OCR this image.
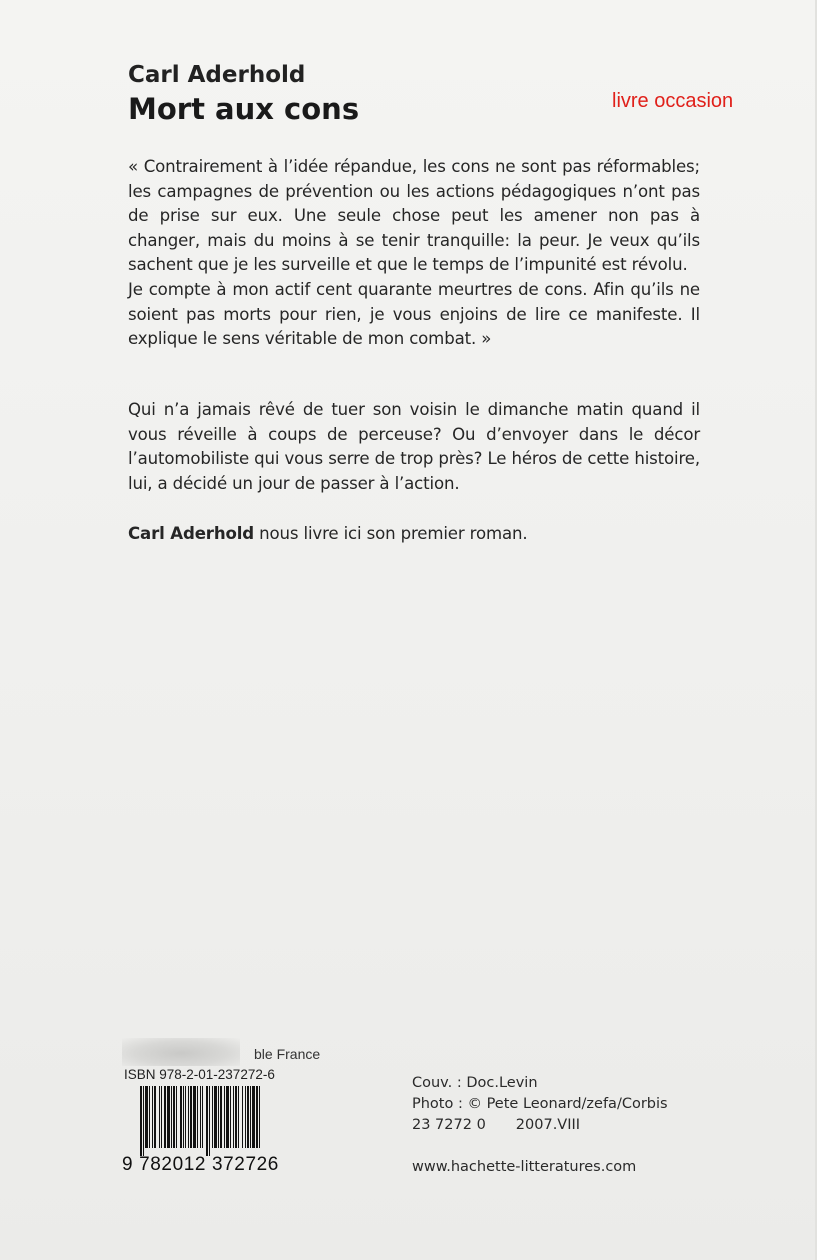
Carl Aderhold
Mort aux cons	livre occasion

« Contrairement à l’idée répandue, les cons ne sont pas réformables; les campagnes de prévention ou les actions pédagogiques n’ont pas de prise sur eux. Une seule chose peut les amener non pas à changer, mais du moins à se tenir tranquille: la peur. Je veux qu’ils sachent que je les surveille et que le temps de l’impunité est révolu.

Je compte à mon actif cent quarante meurtres de cons. Afin qu’ils ne soient pas morts pour rien, je vous enjoins de lire ce manifeste. Il explique le sens véritable de mon combat. »

Qui n’a jamais rêvé de tuer son voisin le dimanche matin quand il vous réveille à coups de perceuse? Ou d’envoyer dans le décor l’automobiliste qui vous serre de trop près? Le héros de cette histoire, lui, a décidé un jour de passer à l’action.

Carl Aderhold nous livre ici son premier roman.

ble France
ISBN 978-2-01-237272-6
9 782012 372726
Couv. : Doc.Levin
Photo : © Pete Leonard/zefa/Corbis
23 7272 0 2007.VIII
www.hachette-litteratures.com
